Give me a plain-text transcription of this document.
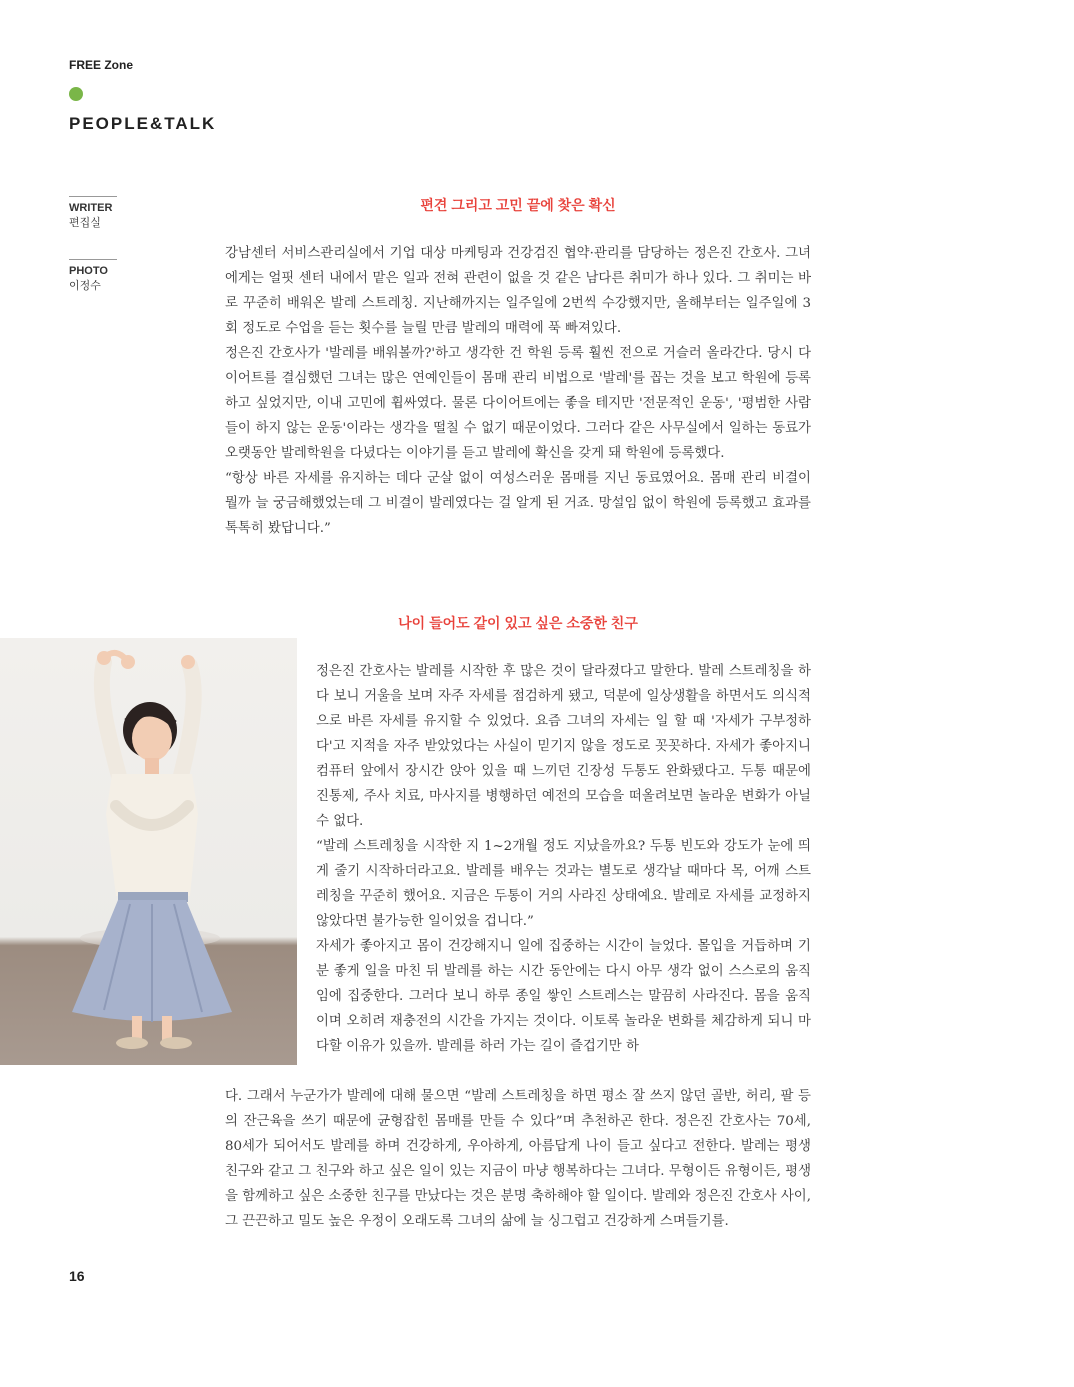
FREE Zone
PEOPLE&TALK
WRITER
편집실
PHOTO
이정수
편견 그리고 고민 끝에 찾은 확신

강남센터 서비스관리실에서 기업 대상 마케팅과 건강검진 협약·관리를 담당하는 정은진 간호사. 그녀에게는 얼핏 센터 내에서 맡은 일과 전혀 관련이 없을 것 같은 남다른 취미가 하나 있다. 그 취미는 바로 꾸준히 배워온 발레 스트레칭. 지난해까지는 일주일에 2번씩 수강했지만, 올해부터는 일주일에 3회 정도로 수업을 듣는 횟수를 늘릴 만큼 발레의 매력에 푹 빠져있다.

정은진 간호사가 '발레를 배워볼까?'하고 생각한 건 학원 등록 훨씬 전으로 거슬러 올라간다. 당시 다이어트를 결심했던 그녀는 많은 연예인들이 몸매 관리 비법으로 '발레'를 꼽는 것을 보고 학원에 등록하고 싶었지만, 이내 고민에 휩싸였다. 물론 다이어트에는 좋을 테지만 '전문적인 운동', '평범한 사람들이 하지 않는 운동'이라는 생각을 떨칠 수 없기 때문이었다. 그러다 같은 사무실에서 일하는 동료가 오랫동안 발레학원을 다녔다는 이야기를 듣고 발레에 확신을 갖게 돼 학원에 등록했다.

“항상 바른 자세를 유지하는 데다 군살 없이 여성스러운 몸매를 지닌 동료였어요. 몸매 관리 비결이 뭘까 늘 궁금해했었는데 그 비결이 발레였다는 걸 알게 된 거죠. 망설임 없이 학원에 등록했고 효과를 톡톡히 봤답니다.”

나이 들어도 같이 있고 싶은 소중한 친구

정은진 간호사는 발레를 시작한 후 많은 것이 달라졌다고 말한다. 발레 스트레칭을 하다 보니 거울을 보며 자주 자세를 점검하게 됐고, 덕분에 일상생활을 하면서도 의식적으로 바른 자세를 유지할 수 있었다. 요즘 그녀의 자세는 일 할 때 '자세가 구부정하다'고 지적을 자주 받았었다는 사실이 믿기지 않을 정도로 꼿꼿하다. 자세가 좋아지니 컴퓨터 앞에서 장시간 앉아 있을 때 느끼던 긴장성 두통도 완화됐다고. 두통 때문에 진통제, 주사 치료, 마사지를 병행하던 예전의 모습을 떠올려보면 놀라운 변화가 아닐 수 없다.

“발레 스트레칭을 시작한 지 1~2개월 정도 지났을까요? 두통 빈도와 강도가 눈에 띄게 줄기 시작하더라고요. 발레를 배우는 것과는 별도로 생각날 때마다 목, 어깨 스트레칭을 꾸준히 했어요. 지금은 두통이 거의 사라진 상태예요. 발레로 자세를 교정하지 않았다면 불가능한 일이었을 겁니다.”

자세가 좋아지고 몸이 건강해지니 일에 집중하는 시간이 늘었다. 몰입을 거듭하며 기분 좋게 일을 마친 뒤 발레를 하는 시간 동안에는 다시 아무 생각 없이 스스로의 움직임에 집중한다. 그러다 보니 하루 종일 쌓인 스트레스는 말끔히 사라진다. 몸을 움직이며 오히려 재충전의 시간을 가지는 것이다. 이토록 놀라운 변화를 체감하게 되니 마다할 이유가 있을까. 발레를 하러 가는 길이 즐겁기만 하

다. 그래서 누군가가 발레에 대해 물으면 “발레 스트레칭을 하면 평소 잘 쓰지 않던 골반, 허리, 팔 등의 잔근육을 쓰기 때문에 균형잡힌 몸매를 만들 수 있다”며 추천하곤 한다. 정은진 간호사는 70세, 80세가 되어서도 발레를 하며 건강하게, 우아하게, 아름답게 나이 들고 싶다고 전한다. 발레는 평생 친구와 같고 그 친구와 하고 싶은 일이 있는 지금이 마냥 행복하다는 그녀다. 무형이든 유형이든, 평생을 함께하고 싶은 소중한 친구를 만났다는 것은 분명 축하해야 할 일이다. 발레와 정은진 간호사 사이, 그 끈끈하고 밀도 높은 우정이 오래도록 그녀의 삶에 늘 싱그럽고 건강하게 스며들기를.

16
